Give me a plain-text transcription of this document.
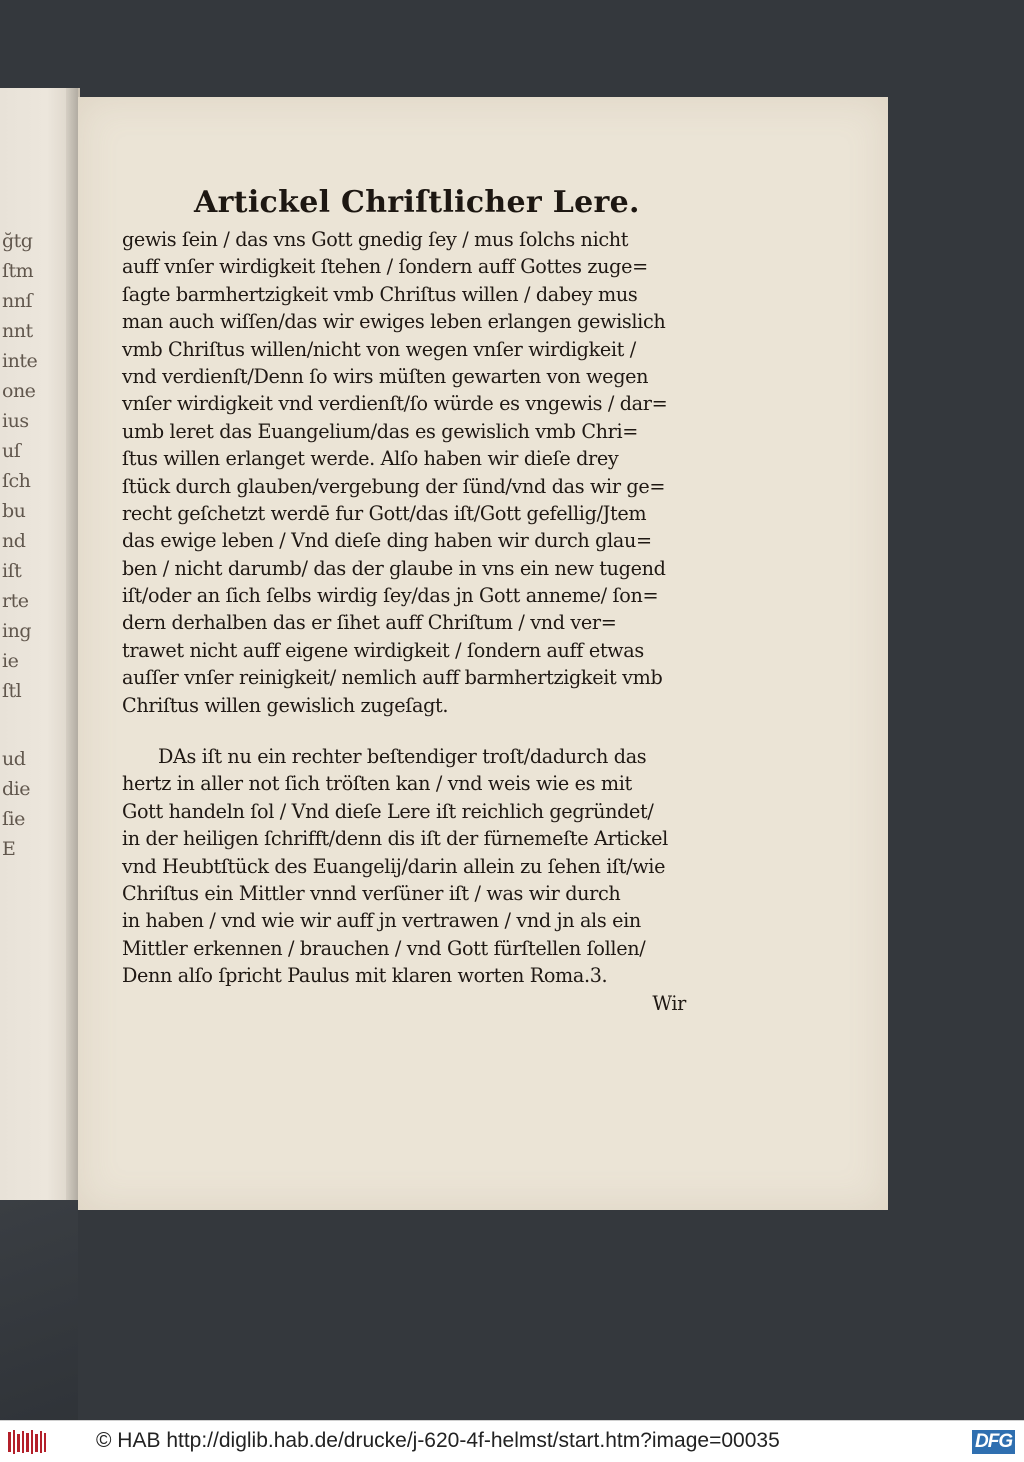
ğtg
ſtm
nnſ
nnt
inte
one
ius
uſ
ſch
bu
nd
iſt
rte
ing
ie
ſtl
ud
die
ſie
E
Artickel Chriſtlicher Lere.
gewis ſein / das vns Gott gnedig ſey / mus ſolchs nicht
auff vnſer wirdigkeit ſtehen / ſondern auff Gottes zuge=
ſagte barmhertzigkeit vmb Chriſtus willen / dabey mus
man auch wiſſen/das wir ewiges leben erlangen gewislich
vmb Chriſtus willen/nicht von wegen vnſer wirdigkeit /
vnd verdienſt/Denn ſo wirs müſten gewarten von wegen
vnſer wirdigkeit vnd verdienſt/ſo würde es vngewis / dar=
umb leret das Euangelium/das es gewislich vmb Chri=
ſtus willen erlanget werde. Alſo haben wir dieſe drey
ſtück durch glauben/vergebung der ſünd/vnd das wir ge=
recht geſchetzt werdē fur Gott/das iſt/Gott gefellig/Jtem
das ewige leben / Vnd dieſe ding haben wir durch glau=
ben / nicht darumb/ das der glaube in vns ein new tugend
iſt/oder an ſich ſelbs wirdig ſey/das jn Gott anneme/ ſon=
dern derhalben das er ſihet auff Chriſtum / vnd ver=
trawet nicht auff eigene wirdigkeit / ſondern auff etwas
auſſer vnſer reinigkeit/ nemlich auff barmhertzigkeit vmb
Chriſtus willen gewislich zugeſagt.
DAs iſt nu ein rechter beſtendiger troſt/dadurch das
hertz in aller not ſich tröſten kan / vnd weis wie es mit
Gott handeln ſol / Vnd dieſe Lere iſt reichlich gegründet/
in der heiligen ſchrifft/denn dis iſt der fürnemeſte Artickel
vnd Heubtſtück des Euangelij/darin allein zu ſehen iſt/wie
Chriſtus ein Mittler vnnd verſüner iſt / was wir durch
in haben / vnd wie wir auff jn vertrawen / vnd jn als ein
Mittler erkennen / brauchen / vnd Gott fürſtellen ſollen/
Denn alſo ſpricht Paulus mit klaren worten Roma.3.
Wir
© HAB http://diglib.hab.de/drucke/j-620-4f-helmst/start.htm?image=00035	DFG
